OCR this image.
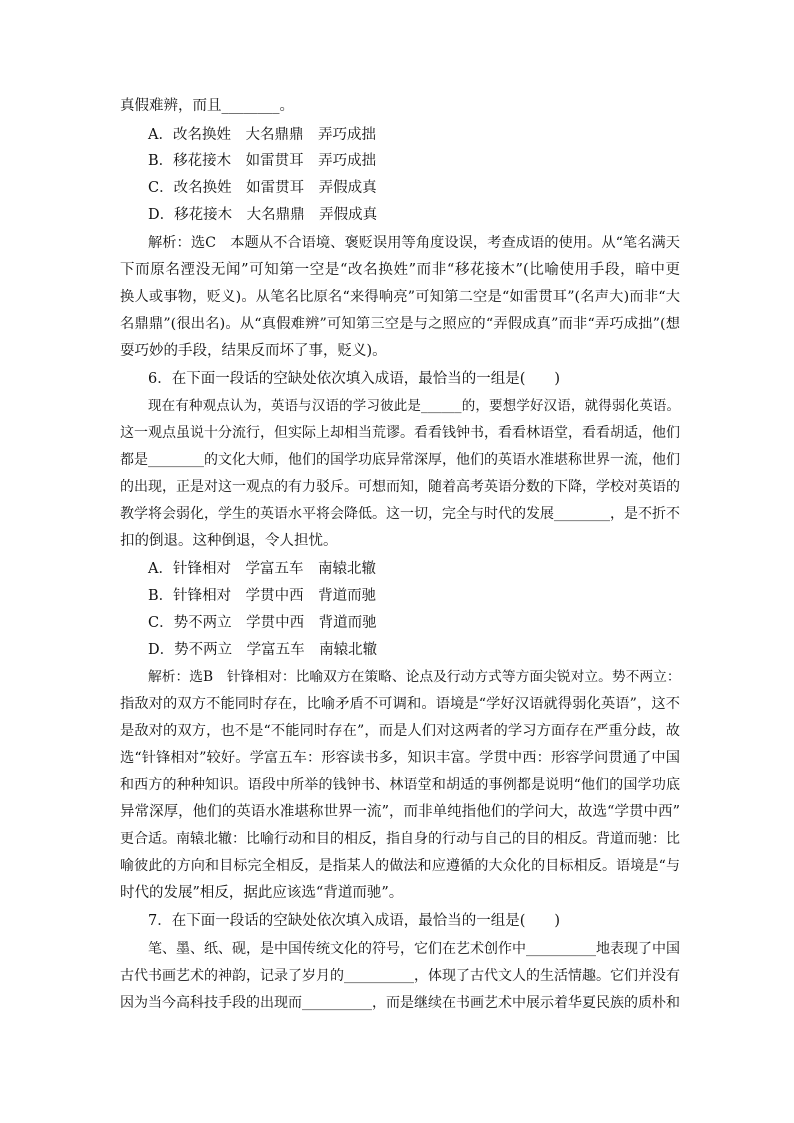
真假难辨，而且________。
A．改名换姓　大名鼎鼎　弄巧成拙
B．移花接木　如雷贯耳　弄巧成拙
C．改名换姓　如雷贯耳　弄假成真
D．移花接木　大名鼎鼎　弄假成真
解析：选C　本题从不合语境、褒贬误用等角度设误，考查成语的使用。从“笔名满天
下而原名湮没无闻”可知第一空是“改名换姓”而非“移花接木”(比喻使用手段，暗中更
换人或事物，贬义)。从笔名比原名“来得响亮”可知第二空是“如雷贯耳”(名声大)而非“大
名鼎鼎”(很出名)。从“真假难辨”可知第三空是与之照应的“弄假成真”而非“弄巧成拙”(想
耍巧妙的手段，结果反而坏了事，贬义)。
6．在下面一段话的空缺处依次填入成语，最恰当的一组是(　　)
现在有种观点认为，英语与汉语的学习彼此是______的，要想学好汉语，就得弱化英语。
这一观点虽说十分流行，但实际上却相当荒谬。看看钱钟书，看看林语堂，看看胡适，他们
都是________的文化大师，他们的国学功底异常深厚，他们的英语水准堪称世界一流，他们
的出现，正是对这一观点的有力驳斥。可想而知，随着高考英语分数的下降，学校对英语的
教学将会弱化，学生的英语水平将会降低。这一切，完全与时代的发展________，是不折不
扣的倒退。这种倒退，令人担忧。
A．针锋相对　学富五车　南辕北辙
B．针锋相对　学贯中西　背道而驰
C．势不两立　学贯中西　背道而驰
D．势不两立　学富五车　南辕北辙
解析：选B　针锋相对：比喻双方在策略、论点及行动方式等方面尖锐对立。势不两立：
指敌对的双方不能同时存在，比喻矛盾不可调和。语境是“学好汉语就得弱化英语”，这不
是敌对的双方，也不是“不能同时存在”，而是人们对这两者的学习方面存在严重分歧，故
选“针锋相对”较好。学富五车：形容读书多，知识丰富。学贯中西：形容学问贯通了中国
和西方的种种知识。语段中所举的钱钟书、林语堂和胡适的事例都是说明“他们的国学功底
异常深厚，他们的英语水准堪称世界一流”，而非单纯指他们的学问大，故选“学贯中西”
更合适。南辕北辙：比喻行动和目的相反，指自身的行动与自己的目的相反。背道而驰：比
喻彼此的方向和目标完全相反，是指某人的做法和应遵循的大众化的目标相反。语境是“与
时代的发展”相反，据此应该选“背道而驰”。
7．在下面一段话的空缺处依次填入成语，最恰当的一组是(　　)
笔、墨、纸、砚，是中国传统文化的符号，它们在艺术创作中__________地表现了中国
古代书画艺术的神韵，记录了岁月的__________，体现了古代文人的生活情趣。它们并没有
因为当今高科技手段的出现而__________，而是继续在书画艺术中展示着华夏民族的质朴和
